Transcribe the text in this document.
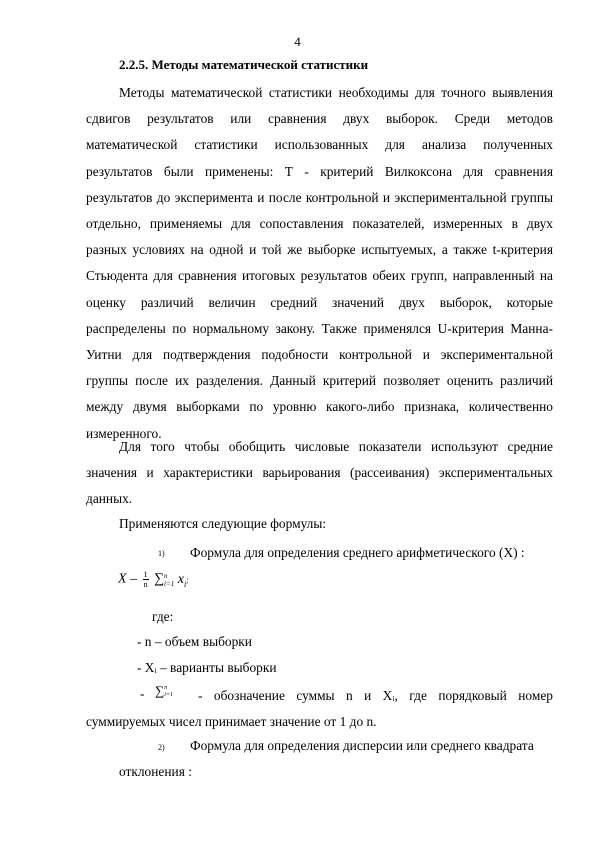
4
2.2.5. Методы математической статистики

Методы математической статистики необходимы для точного выявления сдвигов результатов или сравнения двух выборок. Среди методов математической статистики использованных для анализа полученных результатов были применены: Т - критерий Вилкоксона для сравнения результатов до эксперимента и после контрольной и экспериментальной группы отдельно, применяемы для сопоставления показателей, измеренных в двух разных условиях на одной и той же выборке испытуемых, а также t-критерия Стьюдента для сравнения итоговых результатов обеих групп, направленный на оценку различий величин средний значений двух выборок, которые распределены по нормальному закону. Также применялся U-критерия Манна-Уитни для подтверждения подобности контрольной и экспериментальной группы после их разделения. Данный критерий позволяет оценить различий между двумя выборками по уровню какого-либо признака, количественно измеренного.

Для того чтобы обобщить числовые показатели используют средние значения и характеристики варьирования (рассеивания) экспериментальных данных.

Применяются следующие формулы:
1) Формула для определения среднего арифметического (X) :
X – $\frac{1}{n}$ ∑ n
i=1 $x_i$;
где:
- n – объем выборки
- Xᵢ – варианты выборки
- ∑ n
i=1	- обозначение суммы n и Xᵢ, где порядковый номер суммируемых чисел принимает значение от 1 до n.

2)	Формула для определения дисперсии или среднего квадрата
отклонения :
